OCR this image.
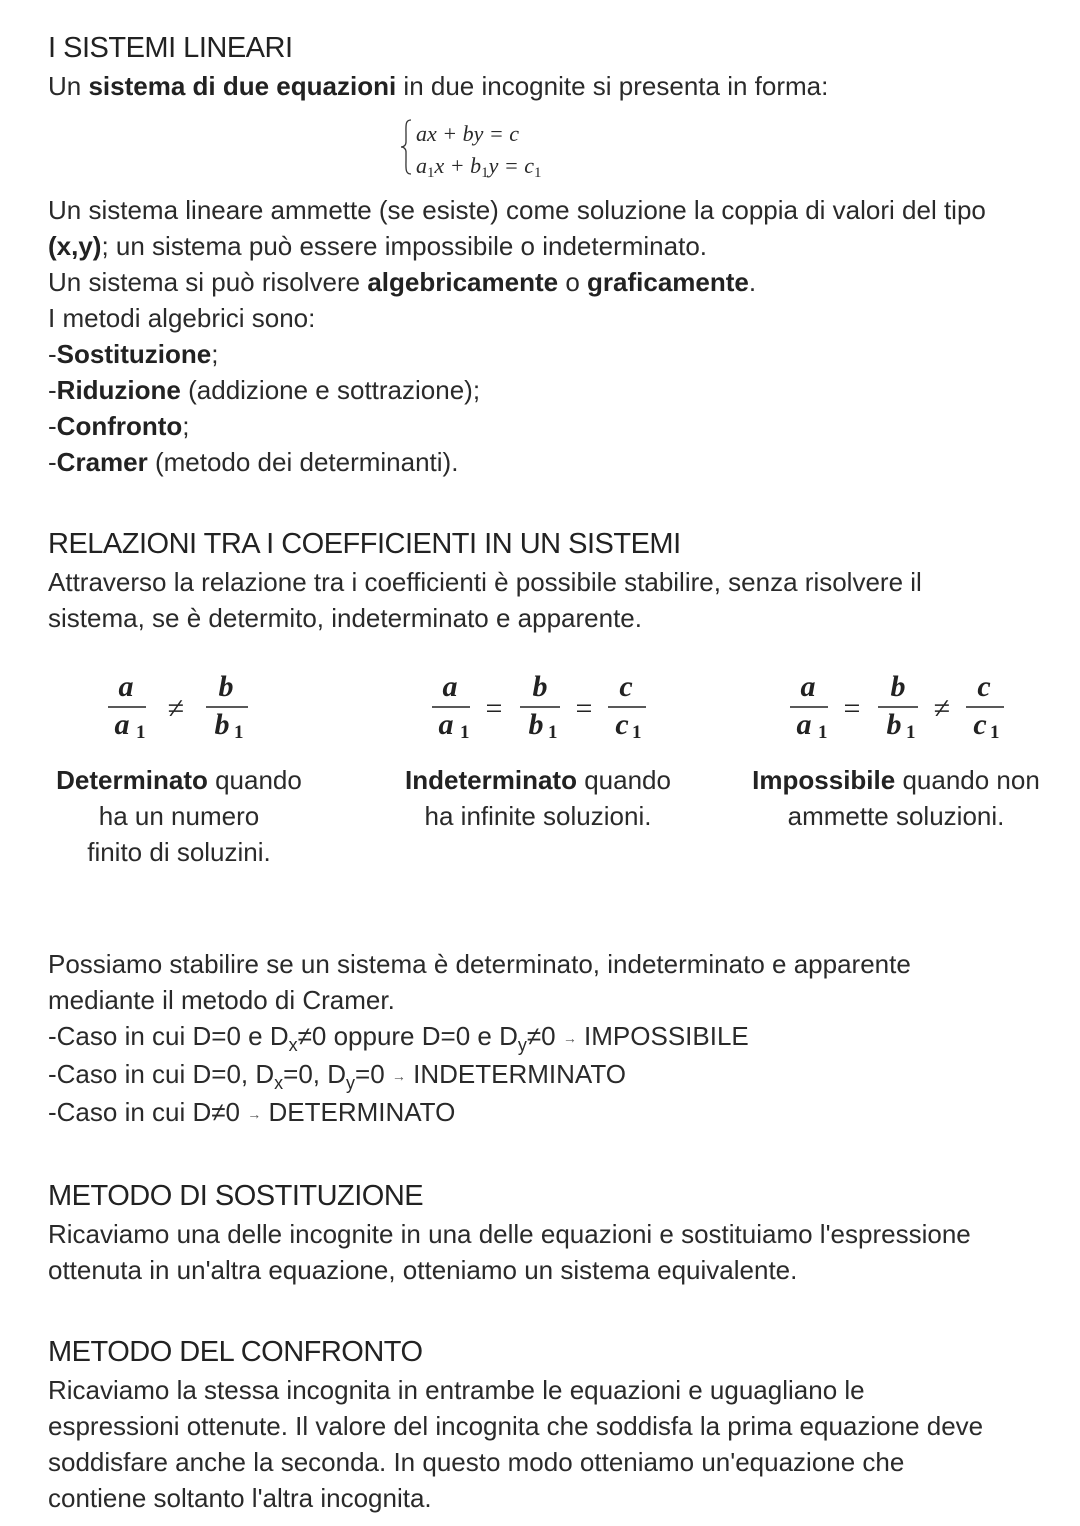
I SISTEMI LINEARI

Un sistema di due equazioni in due incognite si presenta in forma:

ax + by = c
$a_1x + b_1y = c_1$

Un sistema lineare ammette (se esiste) come soluzione la coppia di valori del tipo

(x,y); un sistema può essere impossibile o indeterminato.

Un sistema si può risolvere algebricamente o graficamente.

I metodi algebrici sono:

-Sostituzione;

-Riduzione (addizione e sottrazione);

-Confronto;

-Cramer (metodo dei determinanti).

RELAZIONI TRA I COEFFICIENTI IN UN SISTEMI

Attraverso la relazione tra i coefficienti è possibile stabilire, senza risolvere il

sistema, se è determito, indeterminato e apparente.

a
a 1
≠
b
b 1
Determinato quando
ha un numero
finito di soluzini.
a
a 1
=
b
b 1
=
c
c 1
Indeterminato quando
ha infinite soluzioni.
a
a 1
=
b
b 1
≠
c
c 1
Impossibile quando non
ammette soluzioni.

Possiamo stabilire se un sistema è determinato, indeterminato e apparente

mediante il metodo di Cramer.

-Caso in cui D=0 e $D_x\ne 0$ oppure D=0 e $D_y\ne 0$ → IMPOSSIBILE

-Caso in cui D=0, $D_x=0$, $D_y=0$ → INDETERMINATO

-Caso in cui D≠0 → DETERMINATO

METODO DI SOSTITUZIONE

Ricaviamo una delle incognite in una delle equazioni e sostituiamo l'espressione

ottenuta in un'altra equazione, otteniamo un sistema equivalente.

METODO DEL CONFRONTO

Ricaviamo la stessa incognita in entrambe le equazioni e uguagliano le

espressioni ottenute. Il valore del incognita che soddisfa la prima equazione deve

soddisfare anche la seconda. In questo modo otteniamo un'equazione che

contiene soltanto l'altra incognita.
